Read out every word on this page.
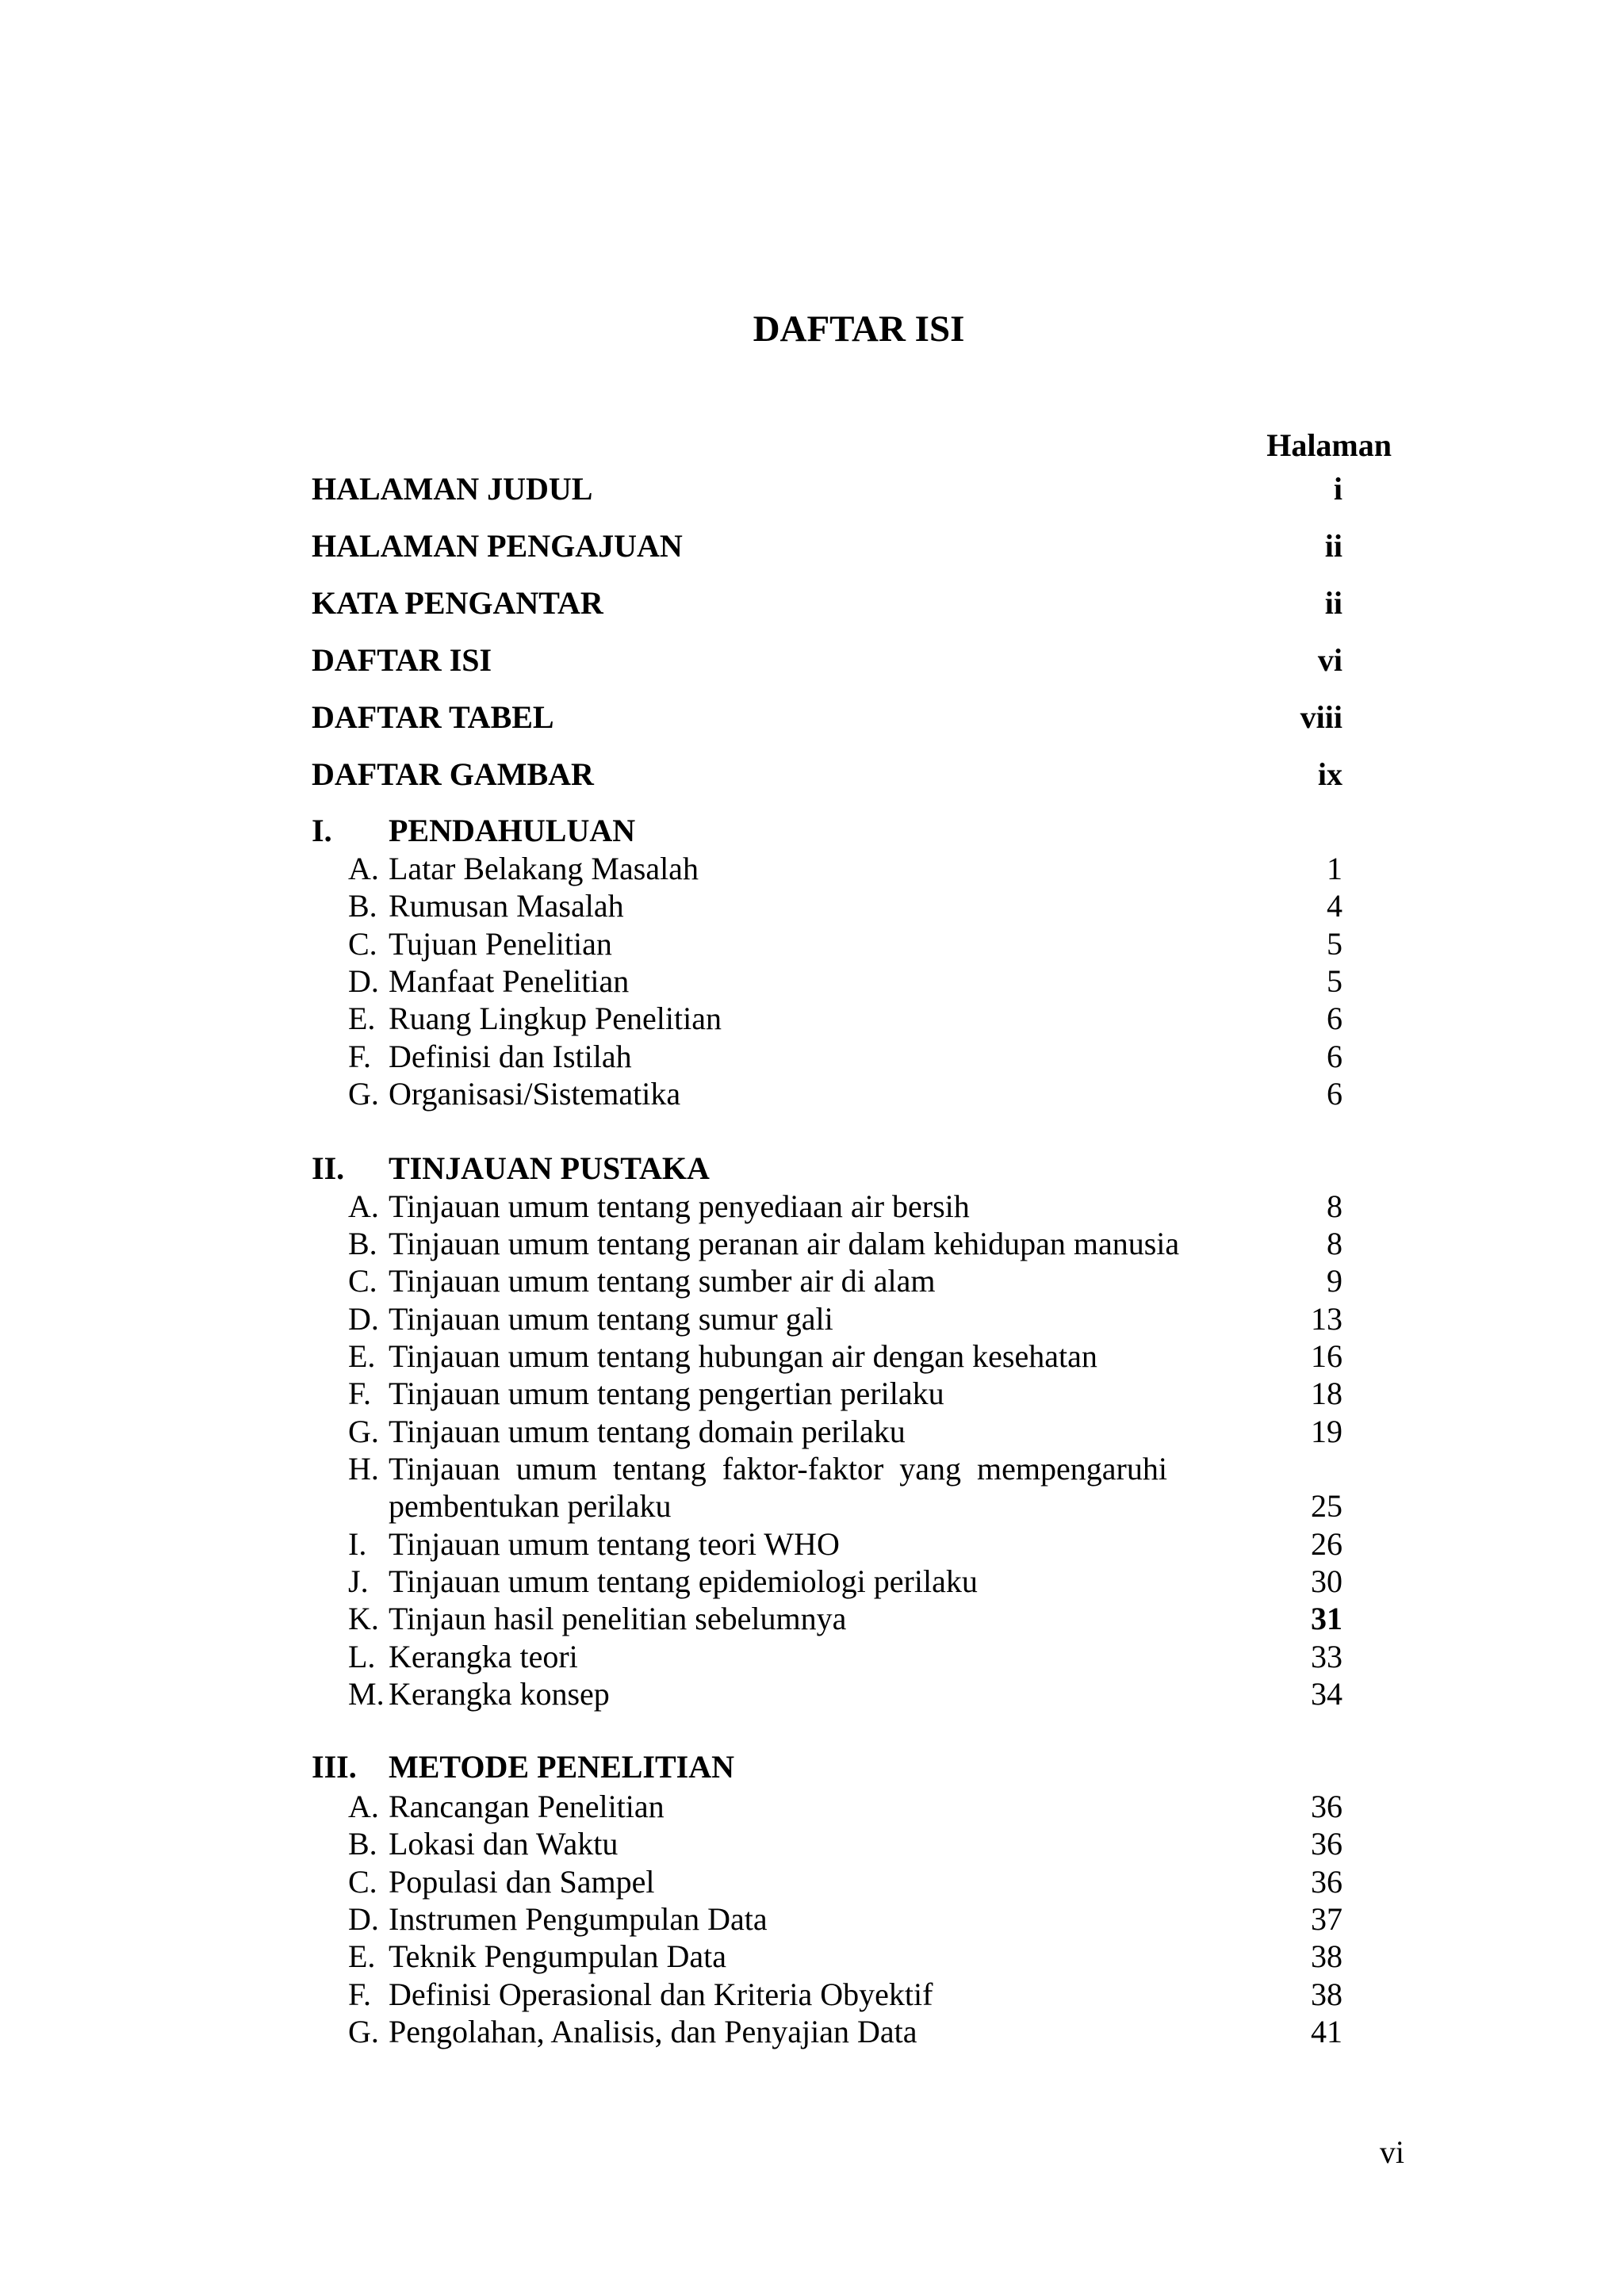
DAFTAR ISI
Halaman
HALAMAN JUDUL	i
HALAMAN PENGAJUAN	ii
KATA PENGANTAR	ii
DAFTAR ISI	vi
DAFTAR TABEL	viii
DAFTAR GAMBAR	ix
I. PENDAHULUAN
A. Latar Belakang Masalah	1
B. Rumusan Masalah	4
C. Tujuan Penelitian	5
D. Manfaat Penelitian	5
E. Ruang Lingkup Penelitian	6
F. Definisi dan Istilah	6
G. Organisasi/Sistematika	6
II. TINJAUAN PUSTAKA
A. Tinjauan umum tentang penyediaan air bersih	8
B. Tinjauan umum tentang peranan air dalam kehidupan manusia	8
C. Tinjauan umum tentang sumber air di alam	9
D. Tinjauan umum tentang sumur gali	13
E. Tinjauan umum tentang hubungan air dengan kesehatan	16
F. Tinjauan umum tentang pengertian perilaku	18
G. Tinjauan umum tentang domain perilaku	19
H. Tinjauan  umum  tentang  faktor-faktor  yang  mempengaruhi
pembentukan perilaku	25
I. Tinjauan umum tentang teori WHO	26
J. Tinjauan umum tentang epidemiologi perilaku	30
K. Tinjaun hasil penelitian sebelumnya	31
L. Kerangka teori	33
M. Kerangka konsep	34
III. METODE PENELITIAN
A. Rancangan Penelitian	36
B. Lokasi dan Waktu	36
C. Populasi dan Sampel	36
D. Instrumen Pengumpulan Data	37
E. Teknik Pengumpulan Data	38
F. Definisi Operasional dan Kriteria Obyektif	38
G. Pengolahan, Analisis, dan Penyajian Data	41
vi
